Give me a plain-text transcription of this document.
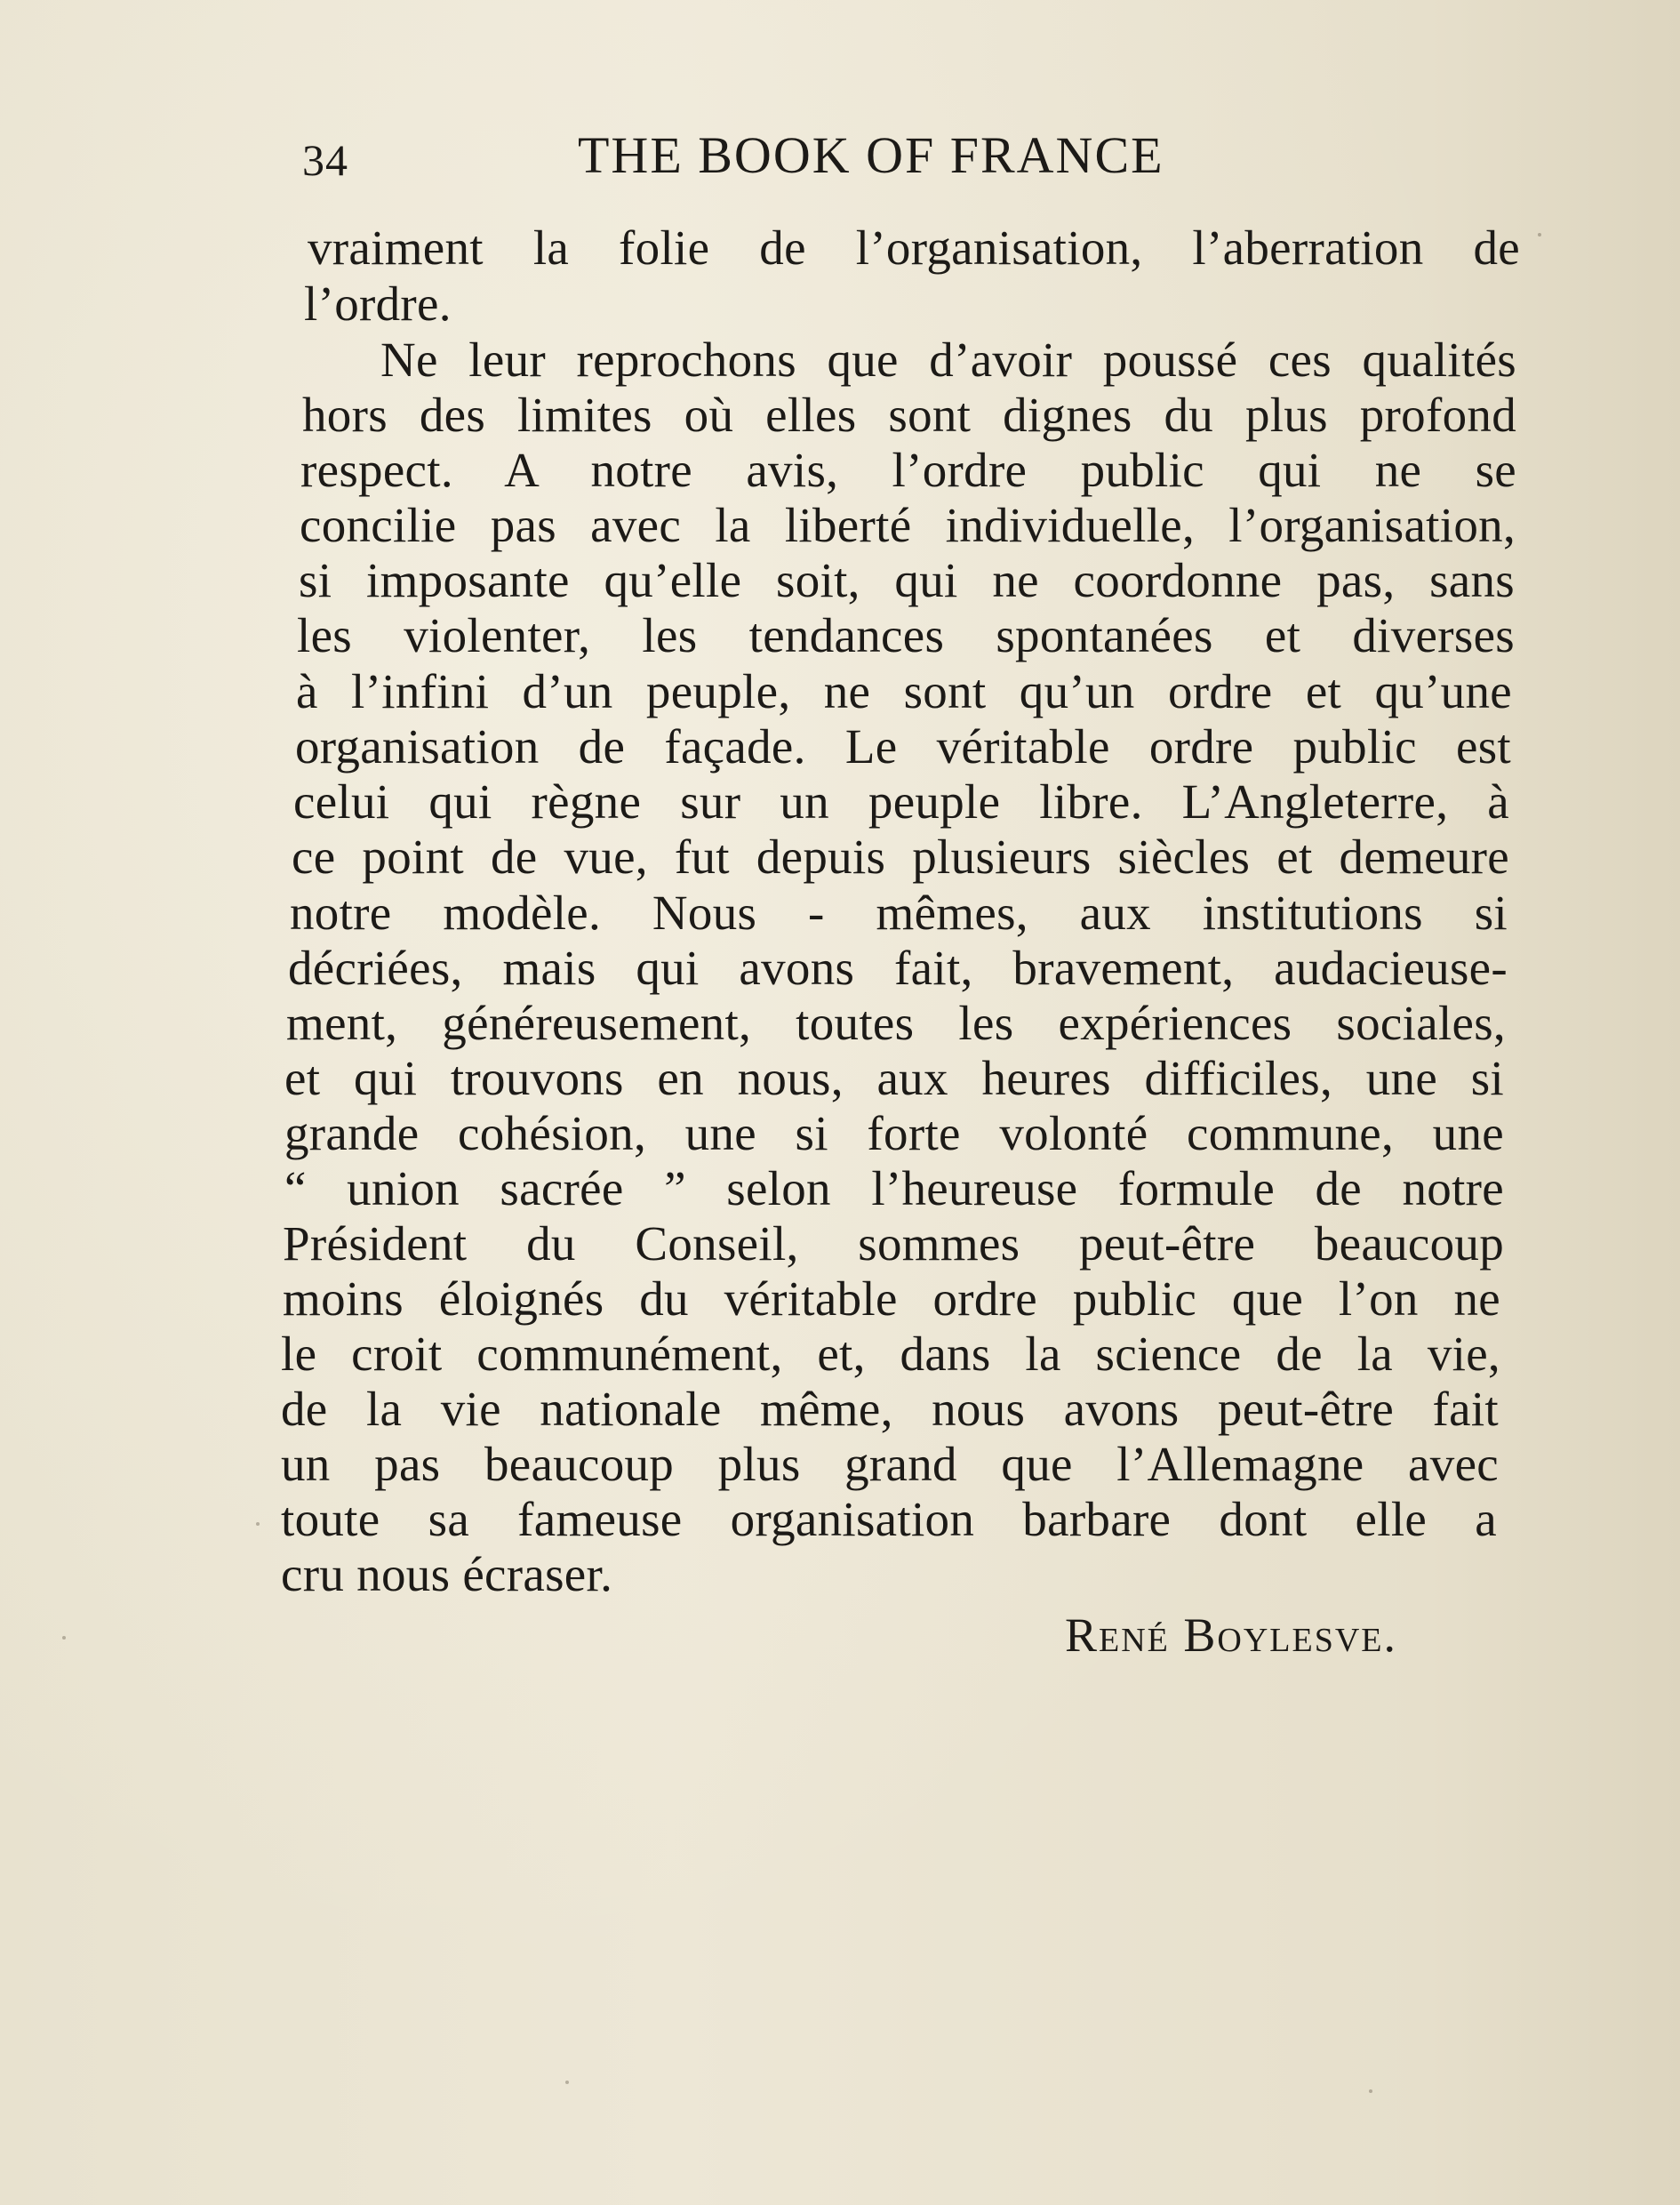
34	THE BOOK OF FRANCE
vraiment la folie de l’organisation, l’aberration de
l’ordre.
Ne leur reprochons que d’avoir poussé ces qualités
hors des limites où elles sont dignes du plus profond
respect. A notre avis, l’ordre public qui ne se
concilie pas avec la liberté individuelle, l’organisation,
si imposante qu’elle soit, qui ne coordonne pas, sans
les violenter, les tendances spontanées et diverses
à l’infini d’un peuple, ne sont qu’un ordre et qu’une
organisation de façade. Le véritable ordre public est
celui qui règne sur un peuple libre. L’Angleterre, à
ce point de vue, fut depuis plusieurs siècles et demeure
notre modèle. Nous - mêmes, aux institutions si
décriées, mais qui avons fait, bravement, audacieuse-
ment, généreusement, toutes les expériences sociales,
et qui trouvons en nous, aux heures difficiles, une si
grande cohésion, une si forte volonté commune, une
“ union sacrée ” selon l’heureuse formule de notre
Président du Conseil, sommes peut-être beaucoup
moins éloignés du véritable ordre public que l’on ne
le croit communément, et, dans la science de la vie,
de la vie nationale même, nous avons peut-être fait
un pas beaucoup plus grand que l’Allemagne avec
toute sa fameuse organisation barbare dont elle a
cru nous écraser.
René Boylesve.
